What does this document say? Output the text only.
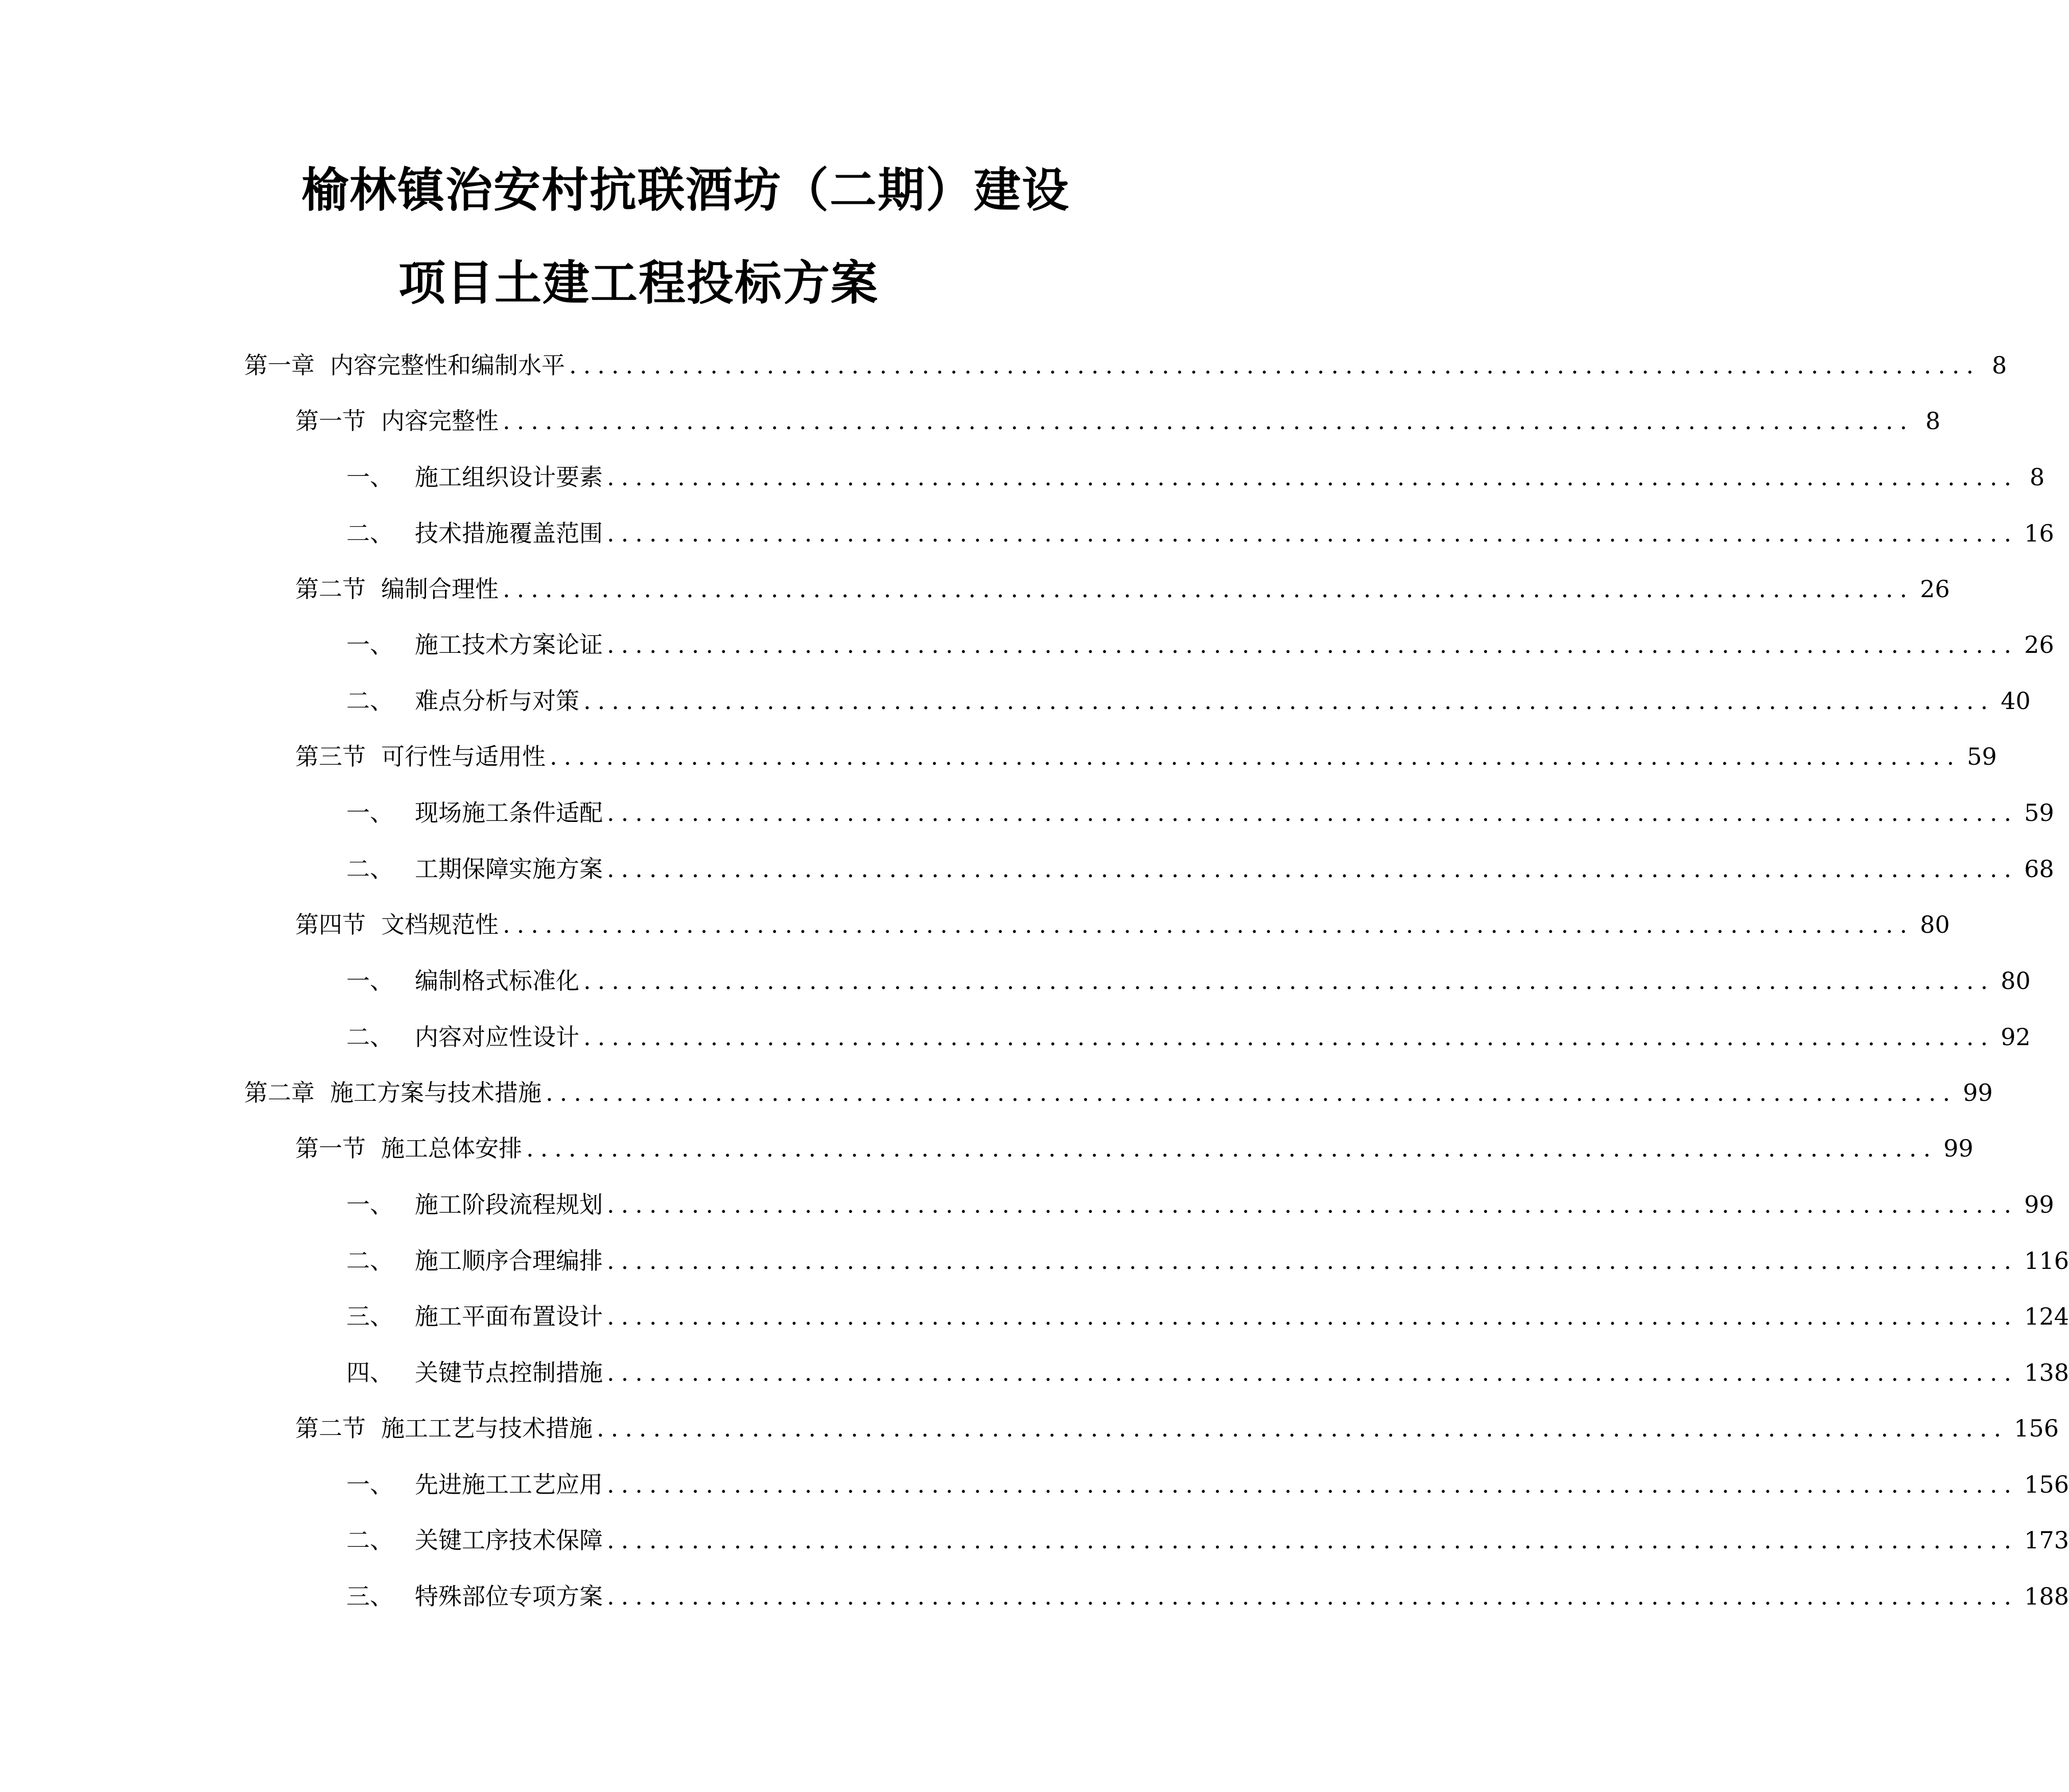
榆林镇治安村抗联酒坊（二期）建设
项目土建工程投标方案
第一章 内容完整性和编制水平 .................................................................................................... 8
第一节 内容完整性 .................................................................................................... 8
一、 施工组织设计要素 .................................................................................................... 8
二、 技术措施覆盖范围 .................................................................................................... 16
第二节 编制合理性 .................................................................................................... 26
一、 施工技术方案论证 .................................................................................................... 26
二、 难点分析与对策 .................................................................................................... 40
第三节 可行性与适用性 .................................................................................................... 59
一、 现场施工条件适配 .................................................................................................... 59
二、 工期保障实施方案 .................................................................................................... 68
第四节 文档规范性 .................................................................................................... 80
一、 编制格式标准化 .................................................................................................... 80
二、 内容对应性设计 .................................................................................................... 92
第二章 施工方案与技术措施 .................................................................................................... 99
第一节 施工总体安排 .................................................................................................... 99
一、 施工阶段流程规划 .................................................................................................... 99
二、 施工顺序合理编排 .................................................................................................... 116
三、 施工平面布置设计 .................................................................................................... 124
四、 关键节点控制措施 .................................................................................................... 138
第二节 施工工艺与技术措施 .................................................................................................... 156
一、 先进施工工艺应用 .................................................................................................... 156
二、 关键工序技术保障 .................................................................................................... 173
三、 特殊部位专项方案 .................................................................................................... 188
